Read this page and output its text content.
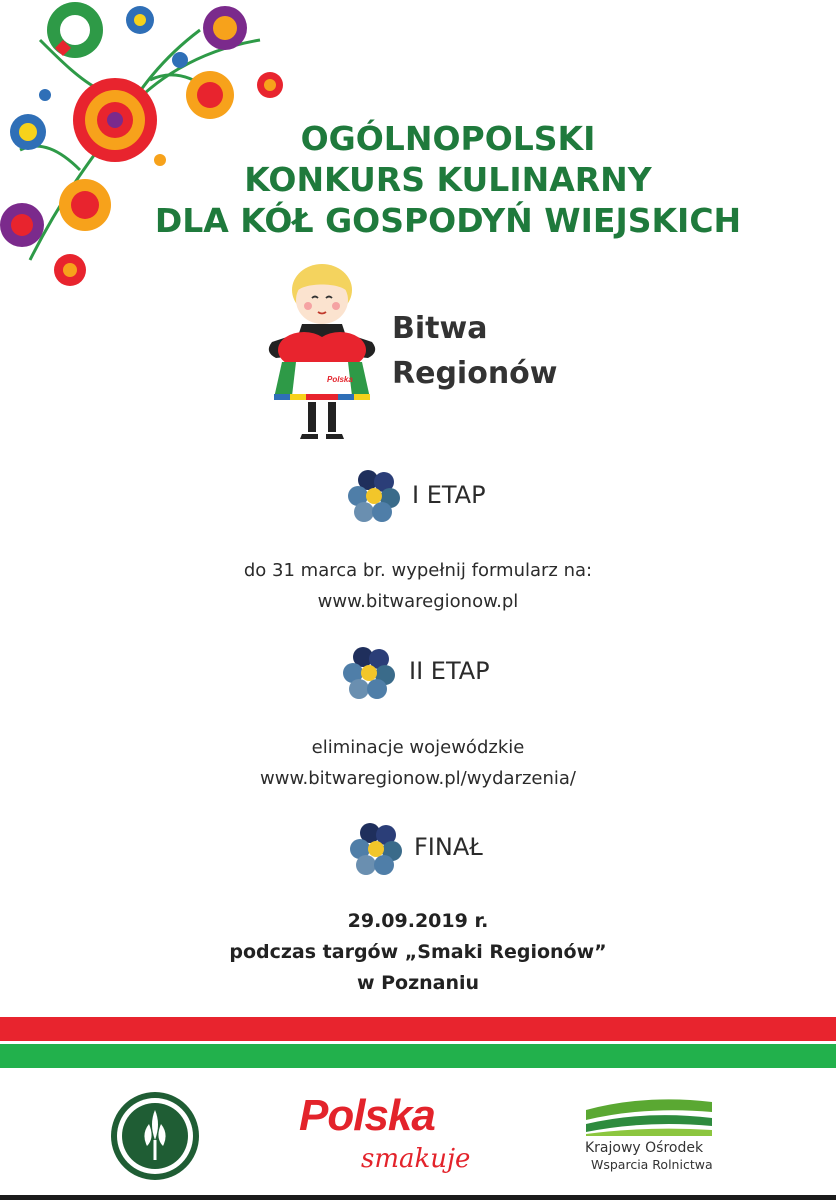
OGÓLNOPOLSKI
KONKURS KULINARNY
DLA KÓŁ GOSPODYŃ WIEJSKICH
Polska
Bitwa
Regionów
I ETAP
do 31 marca br. wypełnij formularz na:
www.bitwaregionow.pl
II ETAP
eliminacje wojewódzkie
www.bitwaregionow.pl/wydarzenia/
FINAŁ
29.09.2019 r.
podczas targów „Smaki Regionów”
w Poznaniu
Polska
smakuje	Krajowy Ośrodek
Wsparcia Rolnictwa
